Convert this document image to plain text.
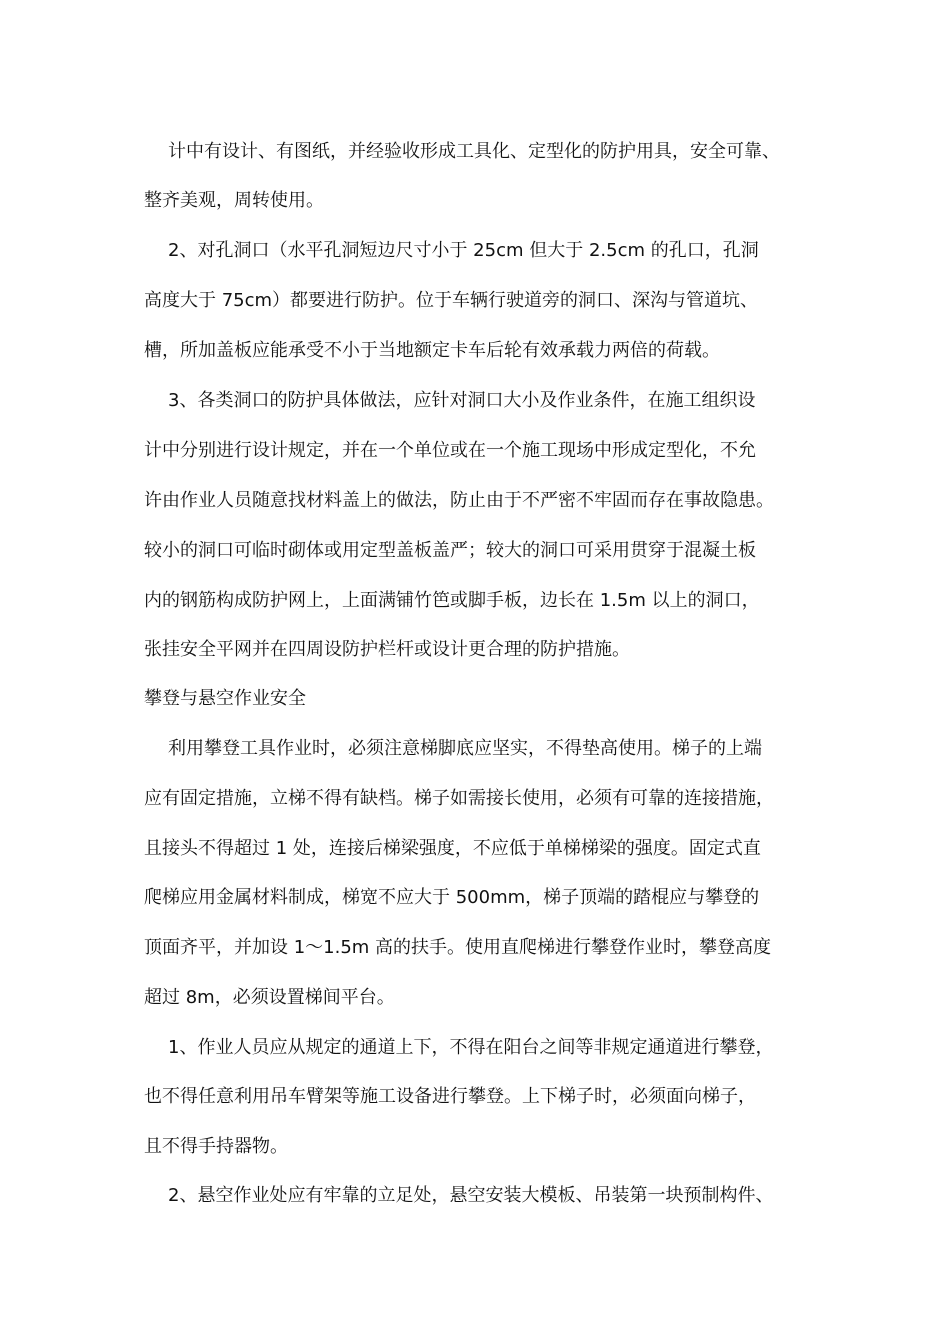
计中有设计、有图纸，并经验收形成工具化、定型化的防护用具，安全可靠、
整齐美观，周转使用。
2、对孔洞口（水平孔洞短边尺寸小于 25cm 但大于 2.5cm 的孔口，孔洞
高度大于 75cm）都要进行防护。位于车辆行驶道旁的洞口、深沟与管道坑、
槽，所加盖板应能承受不小于当地额定卡车后轮有效承载力两倍的荷载。
3、各类洞口的防护具体做法，应针对洞口大小及作业条件，在施工组织设
计中分别进行设计规定，并在一个单位或在一个施工现场中形成定型化，不允
许由作业人员随意找材料盖上的做法，防止由于不严密不牢固而存在事故隐患。
较小的洞口可临时砌体或用定型盖板盖严；较大的洞口可采用贯穿于混凝土板
内的钢筋构成防护网上，上面满铺竹笆或脚手板，边长在 1.5m 以上的洞口，
张挂安全平网并在四周设防护栏杆或设计更合理的防护措施。
攀登与悬空作业安全
利用攀登工具作业时，必须注意梯脚底应坚实，不得垫高使用。梯子的上端
应有固定措施，立梯不得有缺档。梯子如需接长使用，必须有可靠的连接措施，
且接头不得超过 1 处，连接后梯梁强度，不应低于单梯梯梁的强度。固定式直
爬梯应用金属材料制成，梯宽不应大于 500mm，梯子顶端的踏棍应与攀登的
顶面齐平，并加设 1～1.5m 高的扶手。使用直爬梯进行攀登作业时，攀登高度
超过 8m，必须设置梯间平台。
1、作业人员应从规定的通道上下，不得在阳台之间等非规定通道进行攀登，
也不得任意利用吊车臂架等施工设备进行攀登。上下梯子时，必须面向梯子，
且不得手持器物。
2、悬空作业处应有牢靠的立足处，悬空安装大模板、吊装第一块预制构件、
